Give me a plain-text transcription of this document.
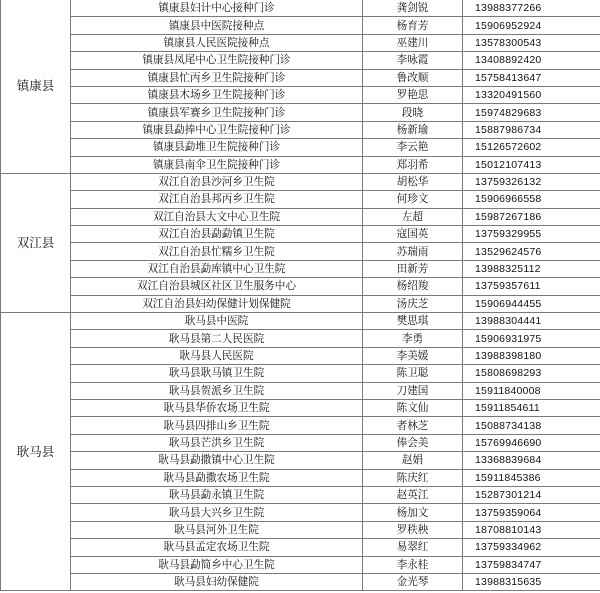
镇康县	镇康县妇计中心接种门诊	龚剑锐	13988377266
	镇康县中医院接种点	杨育芳	15906952924
	镇康县人民医院接种点	巫建川	13578300543
	镇康县凤尾中心卫生院接种门诊	李咏霞	13408892420
	镇康县忙丙乡卫生院接种门诊	鲁改顺	15758413647
	镇康县木场乡卫生院接种门诊	罗艳思	13320491560
	镇康县军赛乡卫生院接种门诊	段晓	15974829683
	镇康县勐捧中心卫生院接种门诊	杨新瑜	15887986734
	镇康县勐堆卫生院接种门诊	李云艳	15126572602
	镇康县南伞卫生院接种门诊	郑羽希	15012107413
双江县	双江自治县沙河乡卫生院	胡松华	13759326132
	双江自治县邦丙乡卫生院	何珍文	15906966558
	双江自治县大文中心卫生院	左超	15987267186
	双江自治县勐勐镇卫生院	寇国英	13759329955
	双江自治县忙糯乡卫生院	苏瑞雨	13529624576
	双江自治县勐库镇中心卫生院	田新芳	13988325112
	双江自治县城区社区卫生服务中心	杨绍羧	13759357611
	双江自治县妇幼保健计划保健院	汤庆芝	15906944455
耿马县	耿马县中医院	樊思琪	13988304441
	耿马县第二人民医院	李勇	15906931975
	耿马县人民医院	李美媛	13988398180
	耿马县耿马镇卫生院	陈卫聪	15808698293
	耿马县贺派乡卫生院	刀建国	15911840008
	耿马县华侨农场卫生院	陈文仙	15911854611
	耿马县四排山乡卫生院	者林芝	15088734138
	耿马县芒洪乡卫生院	俸会美	15769946690
	耿马县勐撒镇中心卫生院	赵娟	13368839684
	耿马县勐撒农场卫生院	陈庆红	15911845386
	耿马县勐永镇卫生院	赵英江	15287301214
	耿马县大兴乡卫生院	杨加文	13759359064
	耿马县河外卫生院	罗秩秧	18708810143
	耿马县孟定农场卫生院	易翠红	13759334962
	耿马县勐简乡中心卫生院	李永桂	13759834747
	耿马县妇幼保健院	金光琴	13988315635
